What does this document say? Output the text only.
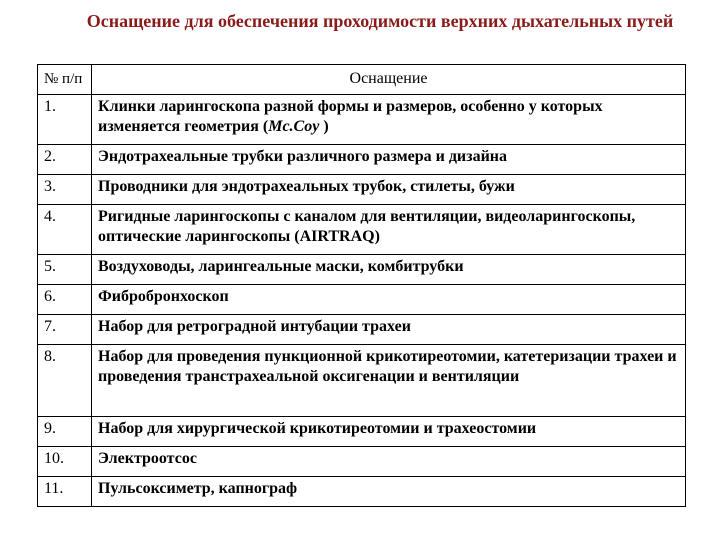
Оснащение для обеспечения проходимости верхних дыхательных путей
№ п/п	Оснащение
1.	Клинки ларингоскопа разной формы и размеров, особенно у которых изменяется геометрия (Mc.Coy )
2.	Эндотрахеальные трубки различного размера и дизайна
3.	Проводники для эндотрахеальных трубок, стилеты, бужи
4.	Ригидные ларингоскопы с каналом для вентиляции, видеоларингоскопы, оптические ларингоскопы (AIRTRAQ)
5.	Воздуховоды, ларингеальные маски, комбитрубки
6.	Фибробронхоскоп
7.	Набор для ретроградной интубации трахеи
8.	Набор для проведения пункционной крикотиреотомии, катетеризации трахеи и проведения транстрахеальной оксигенации и вентиляции
9.	Набор для хирургической крикотиреотомии и трахеостомии
10.	Электроотсос
11.	Пульсоксиметр, капнограф
